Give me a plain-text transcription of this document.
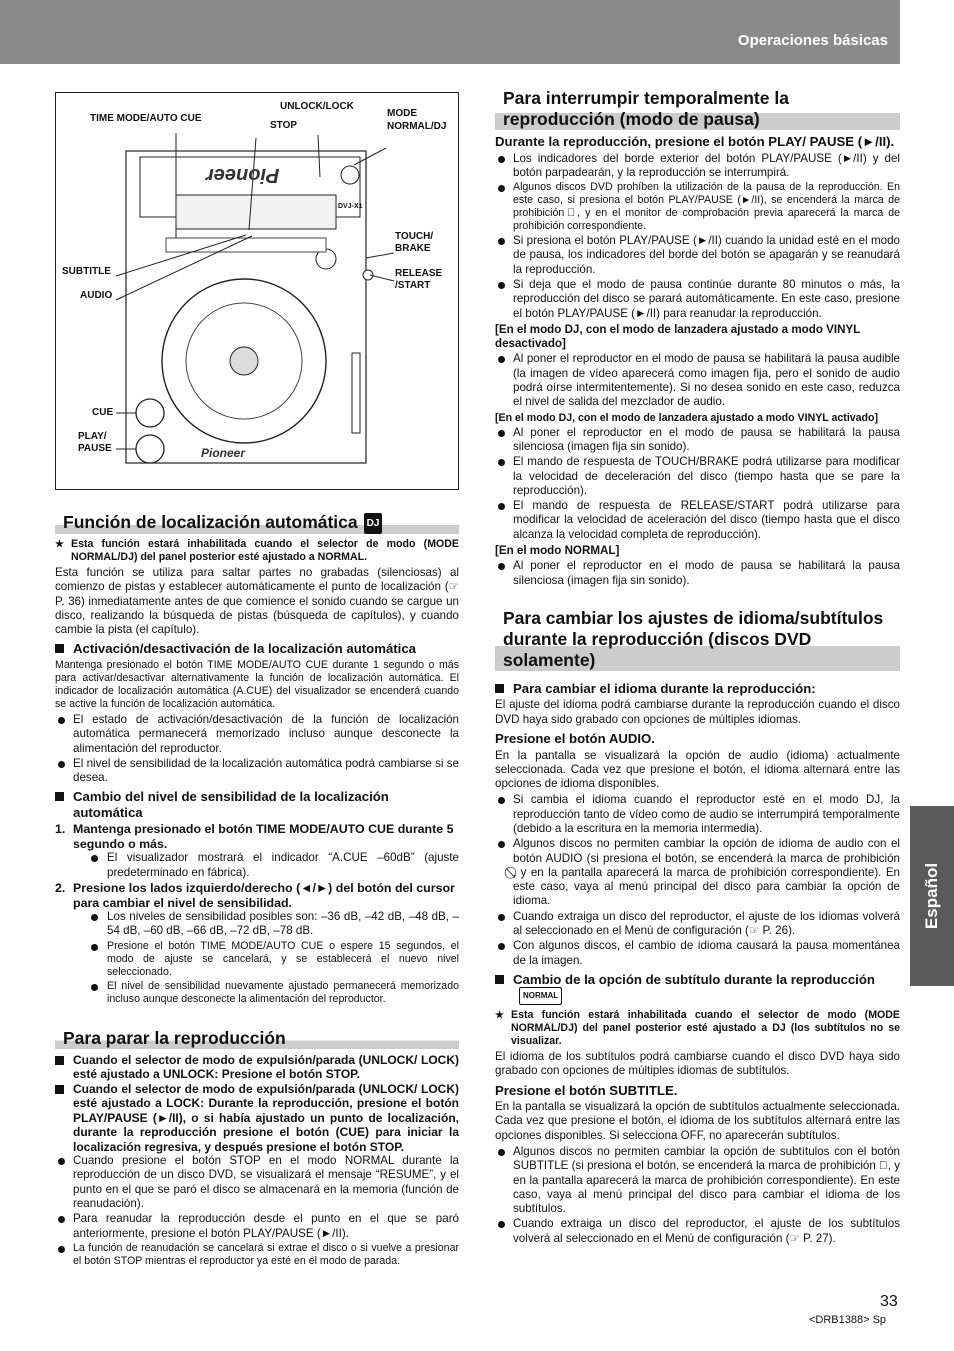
Operaciones básicas
Español
TIME MODE/AUTO CUE
UNLOCK/LOCK
STOP
MODE
NORMAL/DJ
TOUCH/
BRAKE
RELEASE
/START
SUBTITLE
AUDIO
CUE
PLAY/
PAUSE
Pioneer
Pioneer
DVJ-X1
Función de localización automática DJ

★ Esta función estará inhabilitada cuando el selector de modo (MODE NORMAL/DJ) del panel posterior esté ajustado a NORMAL.

Esta función se utiliza para saltar partes no grabadas (silenciosas) al comienzo de pistas y establecer automáticamente el punto de localización (☞ P. 36) inmediatamente antes de que comience el sonido cuando se cargue un disco, realizando la búsqueda de pistas (búsqueda de capítulos), y cuando cambie la pista (el capítulo).

Activación/desactivación de la localización automática

Mantenga presionado el botón TIME MODE/AUTO CUE durante 1 segundo o más para activar/desactivar alternativamente la función de localización automática. El indicador de localización automática (A.CUE) del visualizador se encenderá cuando se active la función de localización automática.

El estado de activación/desactivación de la función de localización automática permanecerá memorizado incluso aunque desconecte la alimentación del reproductor.
El nivel de sensibilidad de la localización automática podrá cambiarse si se desea.
Cambio del nivel de sensibilidad de la localización automática
1. Mantenga presionado el botón TIME MODE/AUTO CUE durante 5 segundo o más.
El visualizador mostrará el indicador “A.CUE –60dB” (ajuste predeterminado en fábrica).
2. Presione los lados izquierdo/derecho (◄/►) del botón del cursor para cambiar el nivel de sensibilidad.
Los niveles de sensibilidad posibles son: –36 dB, –42 dB, –48 dB, –54 dB, –60 dB, –66 dB, –72 dB, –78 dB.
Presione el botón TIME MODE/AUTO CUE o espere 15 segundos, el modo de ajuste se cancelará, y se establecerá el nuevo nivel seleccionado.
El nivel de sensibilidad nuevamente ajustado permanecerá memorizado incluso aunque desconecte la alimentación del reproductor.
Para parar la reproducción
Cuando el selector de modo de expulsión/parada (UNLOCK/ LOCK) esté ajustado a UNLOCK: Presione el botón STOP.
Cuando el selector de modo de expulsión/parada (UNLOCK/ LOCK) esté ajustado a LOCK: Durante la reproducción, presione el botón PLAY/PAUSE (►/II), o si había ajustado un punto de localización, durante la reproducción presione el botón (CUE) para iniciar la localización regresiva, y después presione el botón STOP.
Cuando presione el botón STOP en el modo NORMAL durante la reproducción de un disco DVD, se visualizará el mensaje “RESUME”, y el punto en el que se paró el disco se almacenará en la memoria (función de reanudación).
Para reanudar la reproducción desde el punto en el que se paró anteriormente, presione el botón PLAY/PAUSE (►/II).
La función de reanudación se cancelará si extrae el disco o si vuelve a presionar el botón STOP mientras el reproductor ya esté en el modo de parada.
Para interrumpir temporalmente la reproducción (modo de pausa)
Durante la reproducción, presione el botón PLAY/ PAUSE (►/II).
Los indicadores del borde exterior del botón PLAY/PAUSE (►/II) y del botón parpadearán, y la reproducción se interrumpirá.
Algunos discos DVD prohíben la utilización de la pausa de la reproducción. En este caso, si presiona el botón PLAY/PAUSE (►/II), se encenderá la marca de prohibición ⃠, y en el monitor de comprobación previa aparecerá la marca de prohibición correspondiente.
Si presiona el botón PLAY/PAUSE (►/II) cuando la unidad esté en el modo de pausa, los indicadores del borde del botón se apagarán y se reanudará la reproducción.
Si deja que el modo de pausa continúe durante 80 minutos o más, la reproducción del disco se parará automáticamente. En este caso, presione el botón PLAY/PAUSE (►/II) para reanudar la reproducción.
[En el modo DJ, con el modo de lanzadera ajustado a modo VINYL desactivado]
Al poner el reproductor en el modo de pausa se habilitará la pausa audible (la imagen de vídeo aparecerá como imagen fija, pero el sonido de audio podrá oírse intermitentemente). Si no desea sonido en este caso, reduzca el nivel de salida del mezclador de audio.
[En el modo DJ, con el modo de lanzadera ajustado a modo VINYL activado]
Al poner el reproductor en el modo de pausa se habilitará la pausa silenciosa (imagen fija sin sonido).
El mando de respuesta de TOUCH/BRAKE podrá utilizarse para modificar la velocidad de deceleración del disco (tiempo hasta que se pare la reproducción).
El mando de respuesta de RELEASE/START podrá utilizarse para modificar la velocidad de aceleración del disco (tiempo hasta que el disco alcanza la velocidad completa de reproducción).
[En el modo NORMAL]
Al poner el reproductor en el modo de pausa se habilitará la pausa silenciosa (imagen fija sin sonido).
Para cambiar los ajustes de idioma/subtítulos durante la reproducción (discos DVD solamente)
Para cambiar el idioma durante la reproducción:

El ajuste del idioma podrá cambiarse durante la reproducción cuando el disco DVD haya sido grabado con opciones de múltiples idiomas.

Presione el botón AUDIO.

En la pantalla se visualizará la opción de audio (idioma) actualmente seleccionada. Cada vez que presione el botón, el idioma alternará entre las opciones de idioma disponibles.

Si cambia el idioma cuando el reproductor esté en el modo DJ, la reproducción tanto de vídeo como de audio se interrumpirá temporalmente (debido a la escritura en la memoria intermedia).
Algunos discos no permiten cambiar la opción de idioma de audio con el botón AUDIO (si presiona el botón, se encenderá la marca de prohibición ⃠, y en la pantalla aparecerá la marca de prohibición correspondiente). En este caso, vaya al menú principal del disco para cambiar la opción de idioma.
Cuando extraiga un disco del reproductor, el ajuste de los idiomas volverá al seleccionado en el Menú de configuración (☞ P. 26).
Con algunos discos, el cambio de idioma causará la pausa momentánea de la imagen.
Cambio de la opción de subtítulo durante la reproducciónNORMAL

★ Esta función estará inhabilitada cuando el selector de modo (MODE NORMAL/DJ) del panel posterior esté ajustado a DJ (los subtítulos no se visualizar.

El idioma de los subtítulos podrá cambiarse cuando el disco DVD haya sido grabado con opciones de múltiples idiomas de subtítulos.

Presione el botón SUBTITLE.

En la pantalla se visualizará la opción de subtítulos actualmente seleccionada. Cada vez que presione el botón, el idioma de los subtítulos alternará entre las opciones disponibles. Si selecciona OFF, no aparecerán subtítulos.

Algunos discos no permiten cambiar la opción de subtítulos con el botón SUBTITLE (si presiona el botón, se encenderá la marca de prohibición ⃠, y en la pantalla aparecerá la marca de prohibición correspondiente). En este caso, vaya al menú principal del disco para cambiar el idioma de los subtítulos.
Cuando extraiga un disco del reproductor, el ajuste de los subtítulos volverá al seleccionado en el Menú de configuración (☞ P. 27).
33
<DRB1388> Sp
